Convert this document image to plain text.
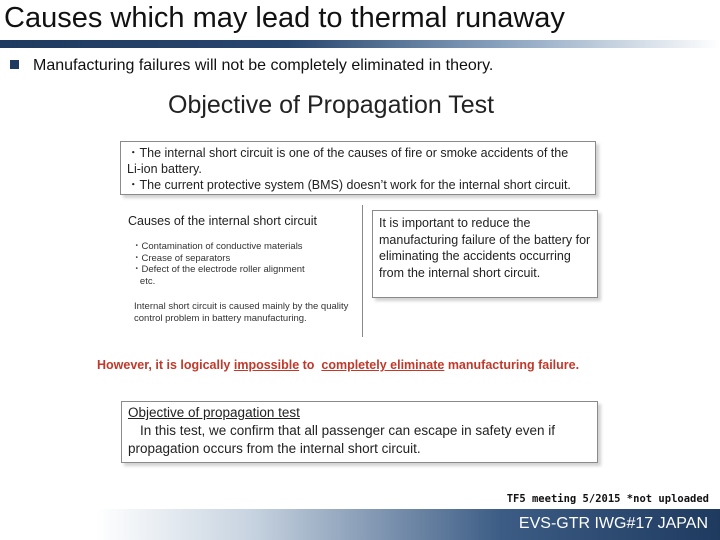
Causes which may lead to thermal runaway
Manufacturing failures will not be completely eliminated in theory.
Objective of Propagation Test
・The internal short circuit is one of the causes of fire or smoke accidents of the
Li-ion battery.
・The current protective system (BMS) doesn’t work for the internal short circuit.
Causes of the internal short circuit
・Contamination of conductive materials
・Crease of separators
・Defect of the electrode roller alignment
etc.
Internal short circuit is caused mainly by the quality control problem in battery manufacturing.
It is important to reduce the manufacturing failure of the battery for eliminating the accidents occurring from the internal short circuit.
However, it is logically impossible to  completely eliminate manufacturing failure.
Objective of propagation test
In this test, we confirm that all passenger can escape in safety even if
propagation occurs from the internal short circuit.
TF5 meeting 5/2015 *not uploaded
EVS-GTR IWG#17 JAPAN
